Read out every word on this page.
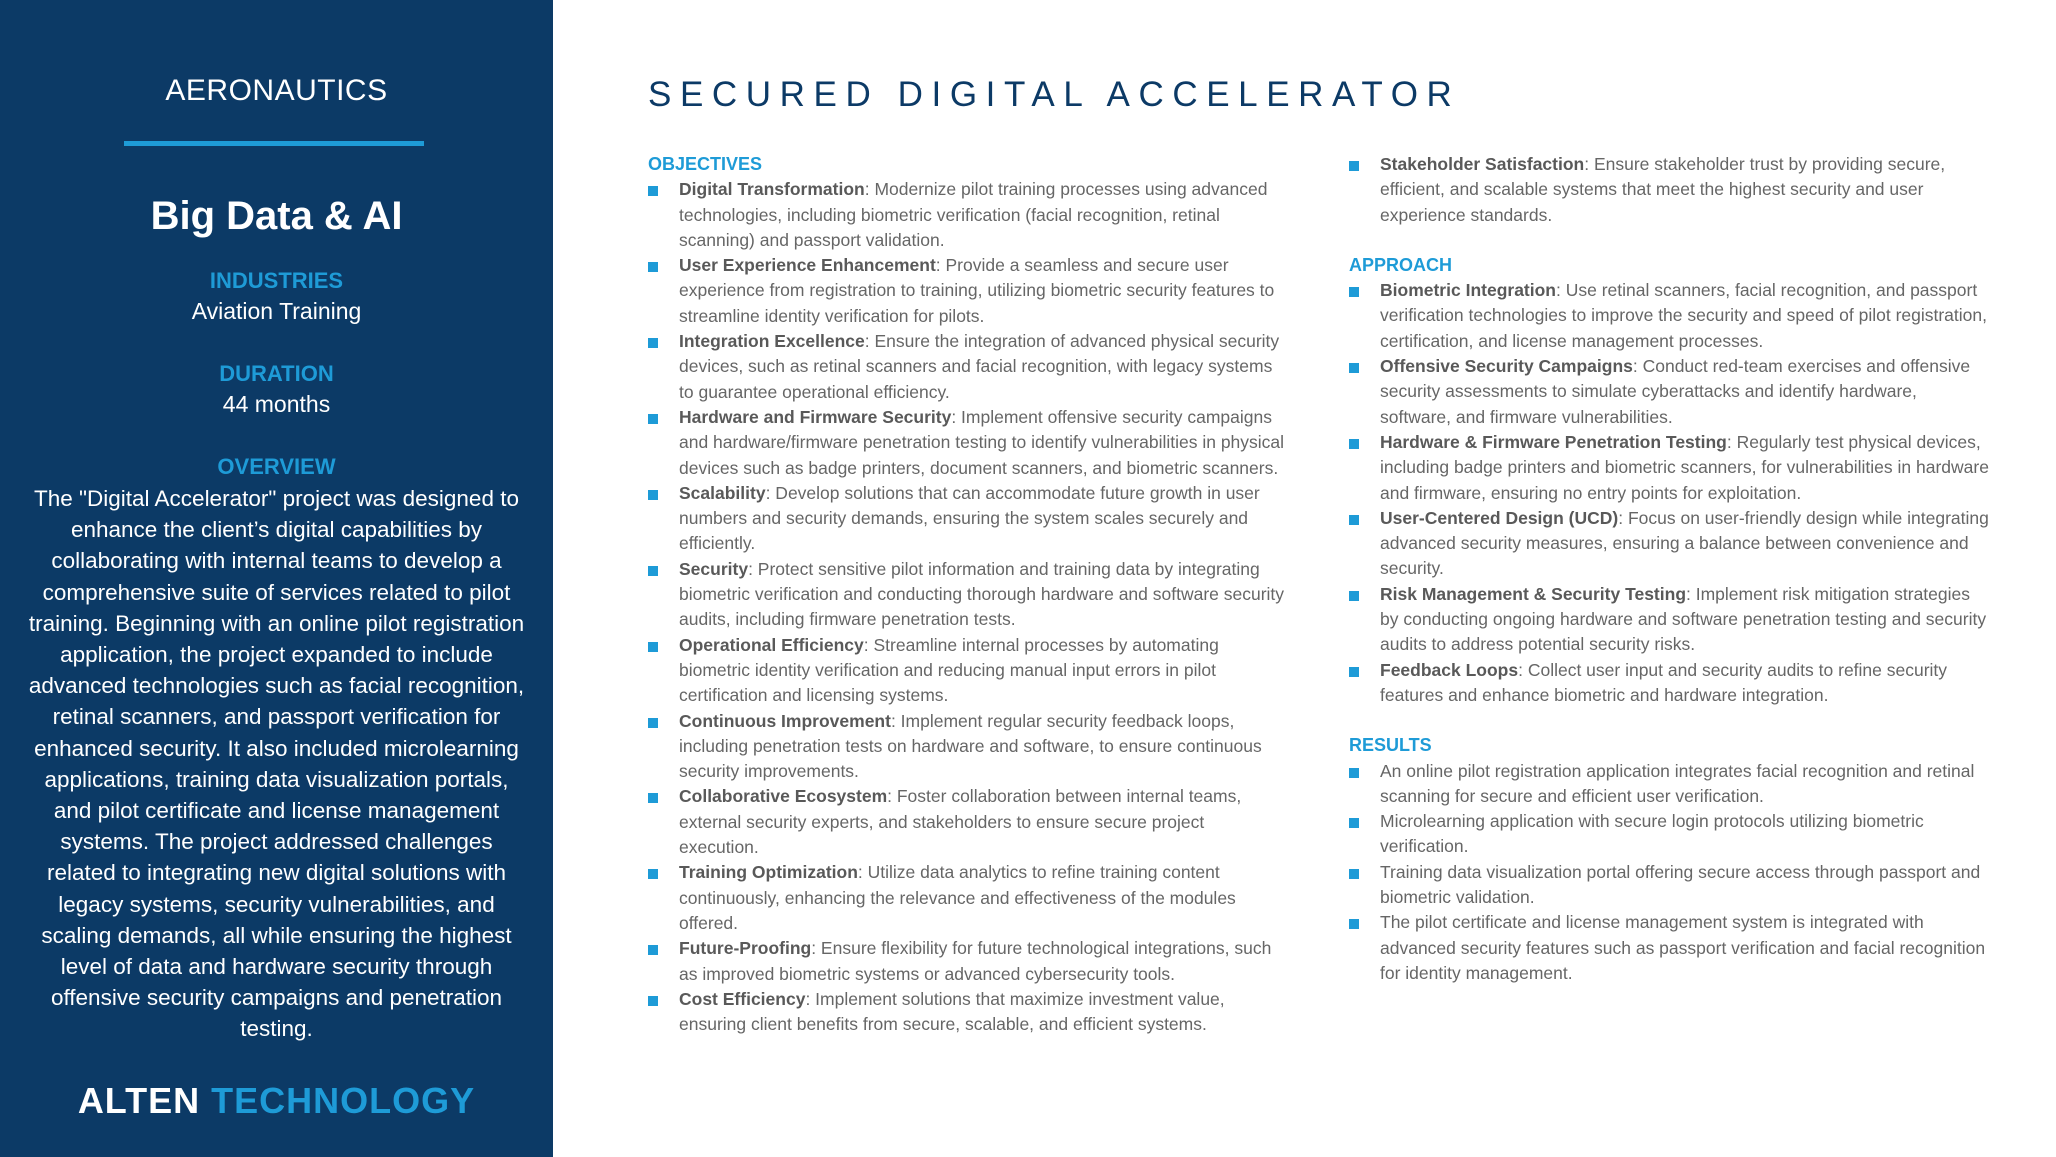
AERONAUTICS
Big Data & AI
INDUSTRIES
Aviation Training
DURATION
44 months
OVERVIEW
The "Digital Accelerator" project was designed to enhance the client’s digital capabilities by collaborating with internal teams to develop a comprehensive suite of services related to pilot training. Beginning with an online pilot registration application, the project expanded to include advanced technologies such as facial recognition, retinal scanners, and passport verification for enhanced security. It also included microlearning applications, training data visualization portals, and pilot certificate and license management systems. The project addressed challenges related to integrating new digital solutions with legacy systems, security vulnerabilities, and scaling demands, all while ensuring the highest level of data and hardware security through offensive security campaigns and penetration testing.
ALTEN TECHNOLOGY
SECURED DIGITAL ACCELERATOR
OBJECTIVES
Digital Transformation: Modernize pilot training processes using advanced technologies, including biometric verification (facial recognition, retinal scanning) and passport validation.
User Experience Enhancement: Provide a seamless and secure user experience from registration to training, utilizing biometric security features to streamline identity verification for pilots.
Integration Excellence: Ensure the integration of advanced physical security devices, such as retinal scanners and facial recognition, with legacy systems to guarantee operational efficiency.
Hardware and Firmware Security: Implement offensive security campaigns and hardware/firmware penetration testing to identify vulnerabilities in physical devices such as badge printers, document scanners, and biometric scanners.
Scalability: Develop solutions that can accommodate future growth in user numbers and security demands, ensuring the system scales securely and efficiently.
Security: Protect sensitive pilot information and training data by integrating biometric verification and conducting thorough hardware and software security audits, including firmware penetration tests.
Operational Efficiency: Streamline internal processes by automating biometric identity verification and reducing manual input errors in pilot certification and licensing systems.
Continuous Improvement: Implement regular security feedback loops, including penetration tests on hardware and software, to ensure continuous security improvements.
Collaborative Ecosystem: Foster collaboration between internal teams, external security experts, and stakeholders to ensure secure project execution.
Training Optimization: Utilize data analytics to refine training content continuously, enhancing the relevance and effectiveness of the modules offered.
Future-Proofing: Ensure flexibility for future technological integrations, such as improved biometric systems or advanced cybersecurity tools.
Cost Efficiency: Implement solutions that maximize investment value, ensuring client benefits from secure, scalable, and efficient systems.
Stakeholder Satisfaction: Ensure stakeholder trust by providing secure, efficient, and scalable systems that meet the highest security and user experience standards.
APPROACH
Biometric Integration: Use retinal scanners, facial recognition, and passport verification technologies to improve the security and speed of pilot registration, certification, and license management processes.
Offensive Security Campaigns: Conduct red-team exercises and offensive security assessments to simulate cyberattacks and identify hardware, software, and firmware vulnerabilities.
Hardware & Firmware Penetration Testing: Regularly test physical devices, including badge printers and biometric scanners, for vulnerabilities in hardware and firmware, ensuring no entry points for exploitation.
User-Centered Design (UCD): Focus on user-friendly design while integrating advanced security measures, ensuring a balance between convenience and security.
Risk Management & Security Testing: Implement risk mitigation strategies by conducting ongoing hardware and software penetration testing and security audits to address potential security risks.
Feedback Loops: Collect user input and security audits to refine security features and enhance biometric and hardware integration.
RESULTS
An online pilot registration application integrates facial recognition and retinal scanning for secure and efficient user verification.
Microlearning application with secure login protocols utilizing biometric verification.
Training data visualization portal offering secure access through passport and biometric validation.
The pilot certificate and license management system is integrated with advanced security features such as passport verification and facial recognition for identity management.
